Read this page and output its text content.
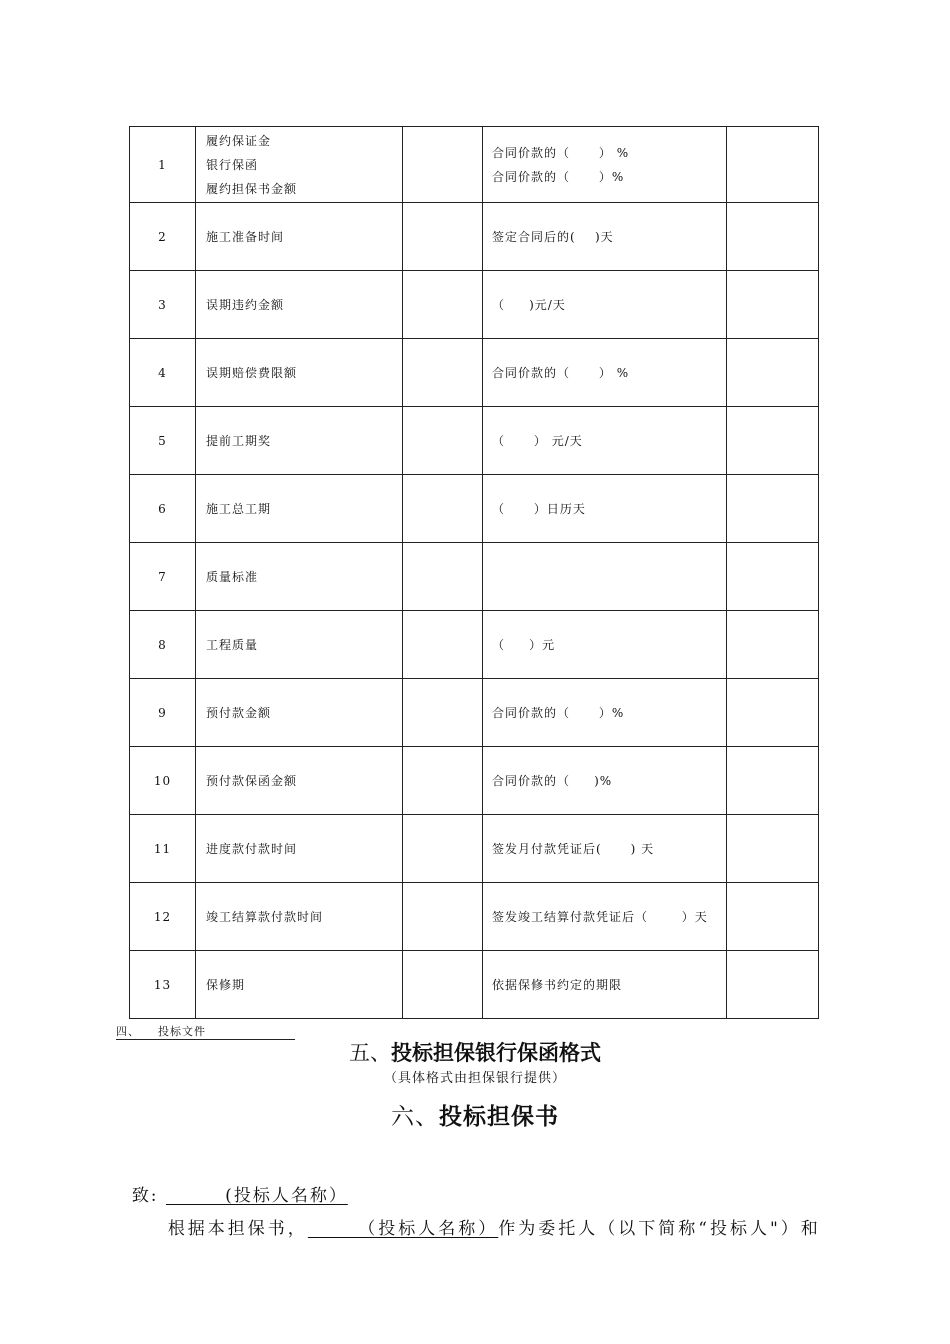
1	履约保证金
银行保函
履约担保书金额		合同价款的（      ） %
合同价款的（      ）%	

2	施工准备时间		签定合同后的(    )天	

3	误期违约金额		（     )元/天	

4	误期赔偿费限额		合同价款的（      ） %	

5	提前工期奖		（      ） 元/天	

6	施工总工期		（      ）日历天	

7	质量标准			

8	工程质量		（     ）元	

9	预付款金额		合同价款的（      ）%	

10	预付款保函金额		合同价款的（     )%	

11	进度款付款时间		签发月付款凭证后(      ) 天	

12	竣工结算款付款时间		签发竣工结算付款凭证后（       ）天	

13	保修期		依据保修书约定的期限	

四、    投标文件
五、投标担保银行保函格式
（具体格式由担保银行提供）
六、投标担保书

致:         (投标人名称）

根据本担保书，      （投标人名称）作为委托人（以下简称“投标人"）和
